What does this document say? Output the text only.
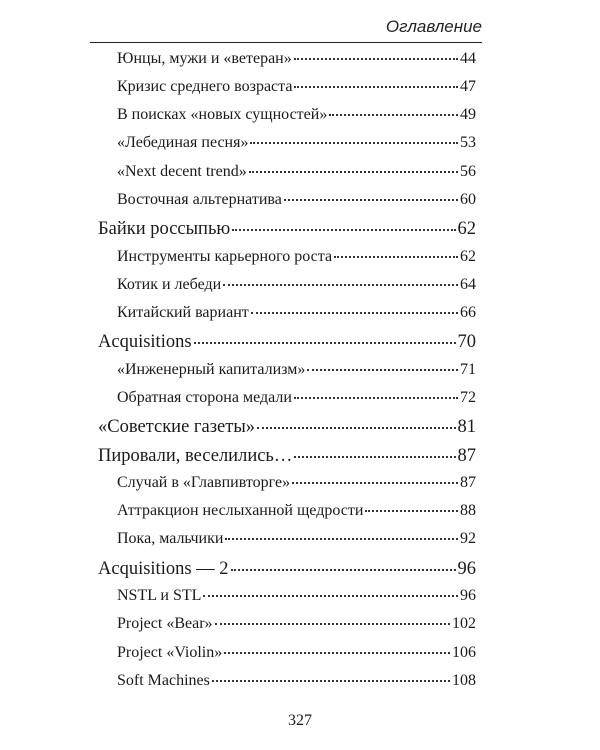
Оглавление
Юнцы, мужи и «ветеран»	44
Кризис среднего возраста	47
В поисках «новых сущностей»	49
«Лебединая песня»	53
«Next decent trend»	56
Восточная альтернатива	60
Байки россыпью	62
Инструменты карьерного роста	62
Котик и лебеди	64
Китайский вариант	66
Acquisitions	70
«Инженерный капитализм»	71
Обратная сторона медали	72
«Советские газеты»	81
Пировали, веселились…	87
Случай в «Главпивторге»	87
Аттракцион неслыханной щедрости	88
Пока, мальчики	92
Acquisitions — 2	96
NSTL и STL	96
Project «Bear»	102
Project «Violin»	106
Soft Machines	108
327
